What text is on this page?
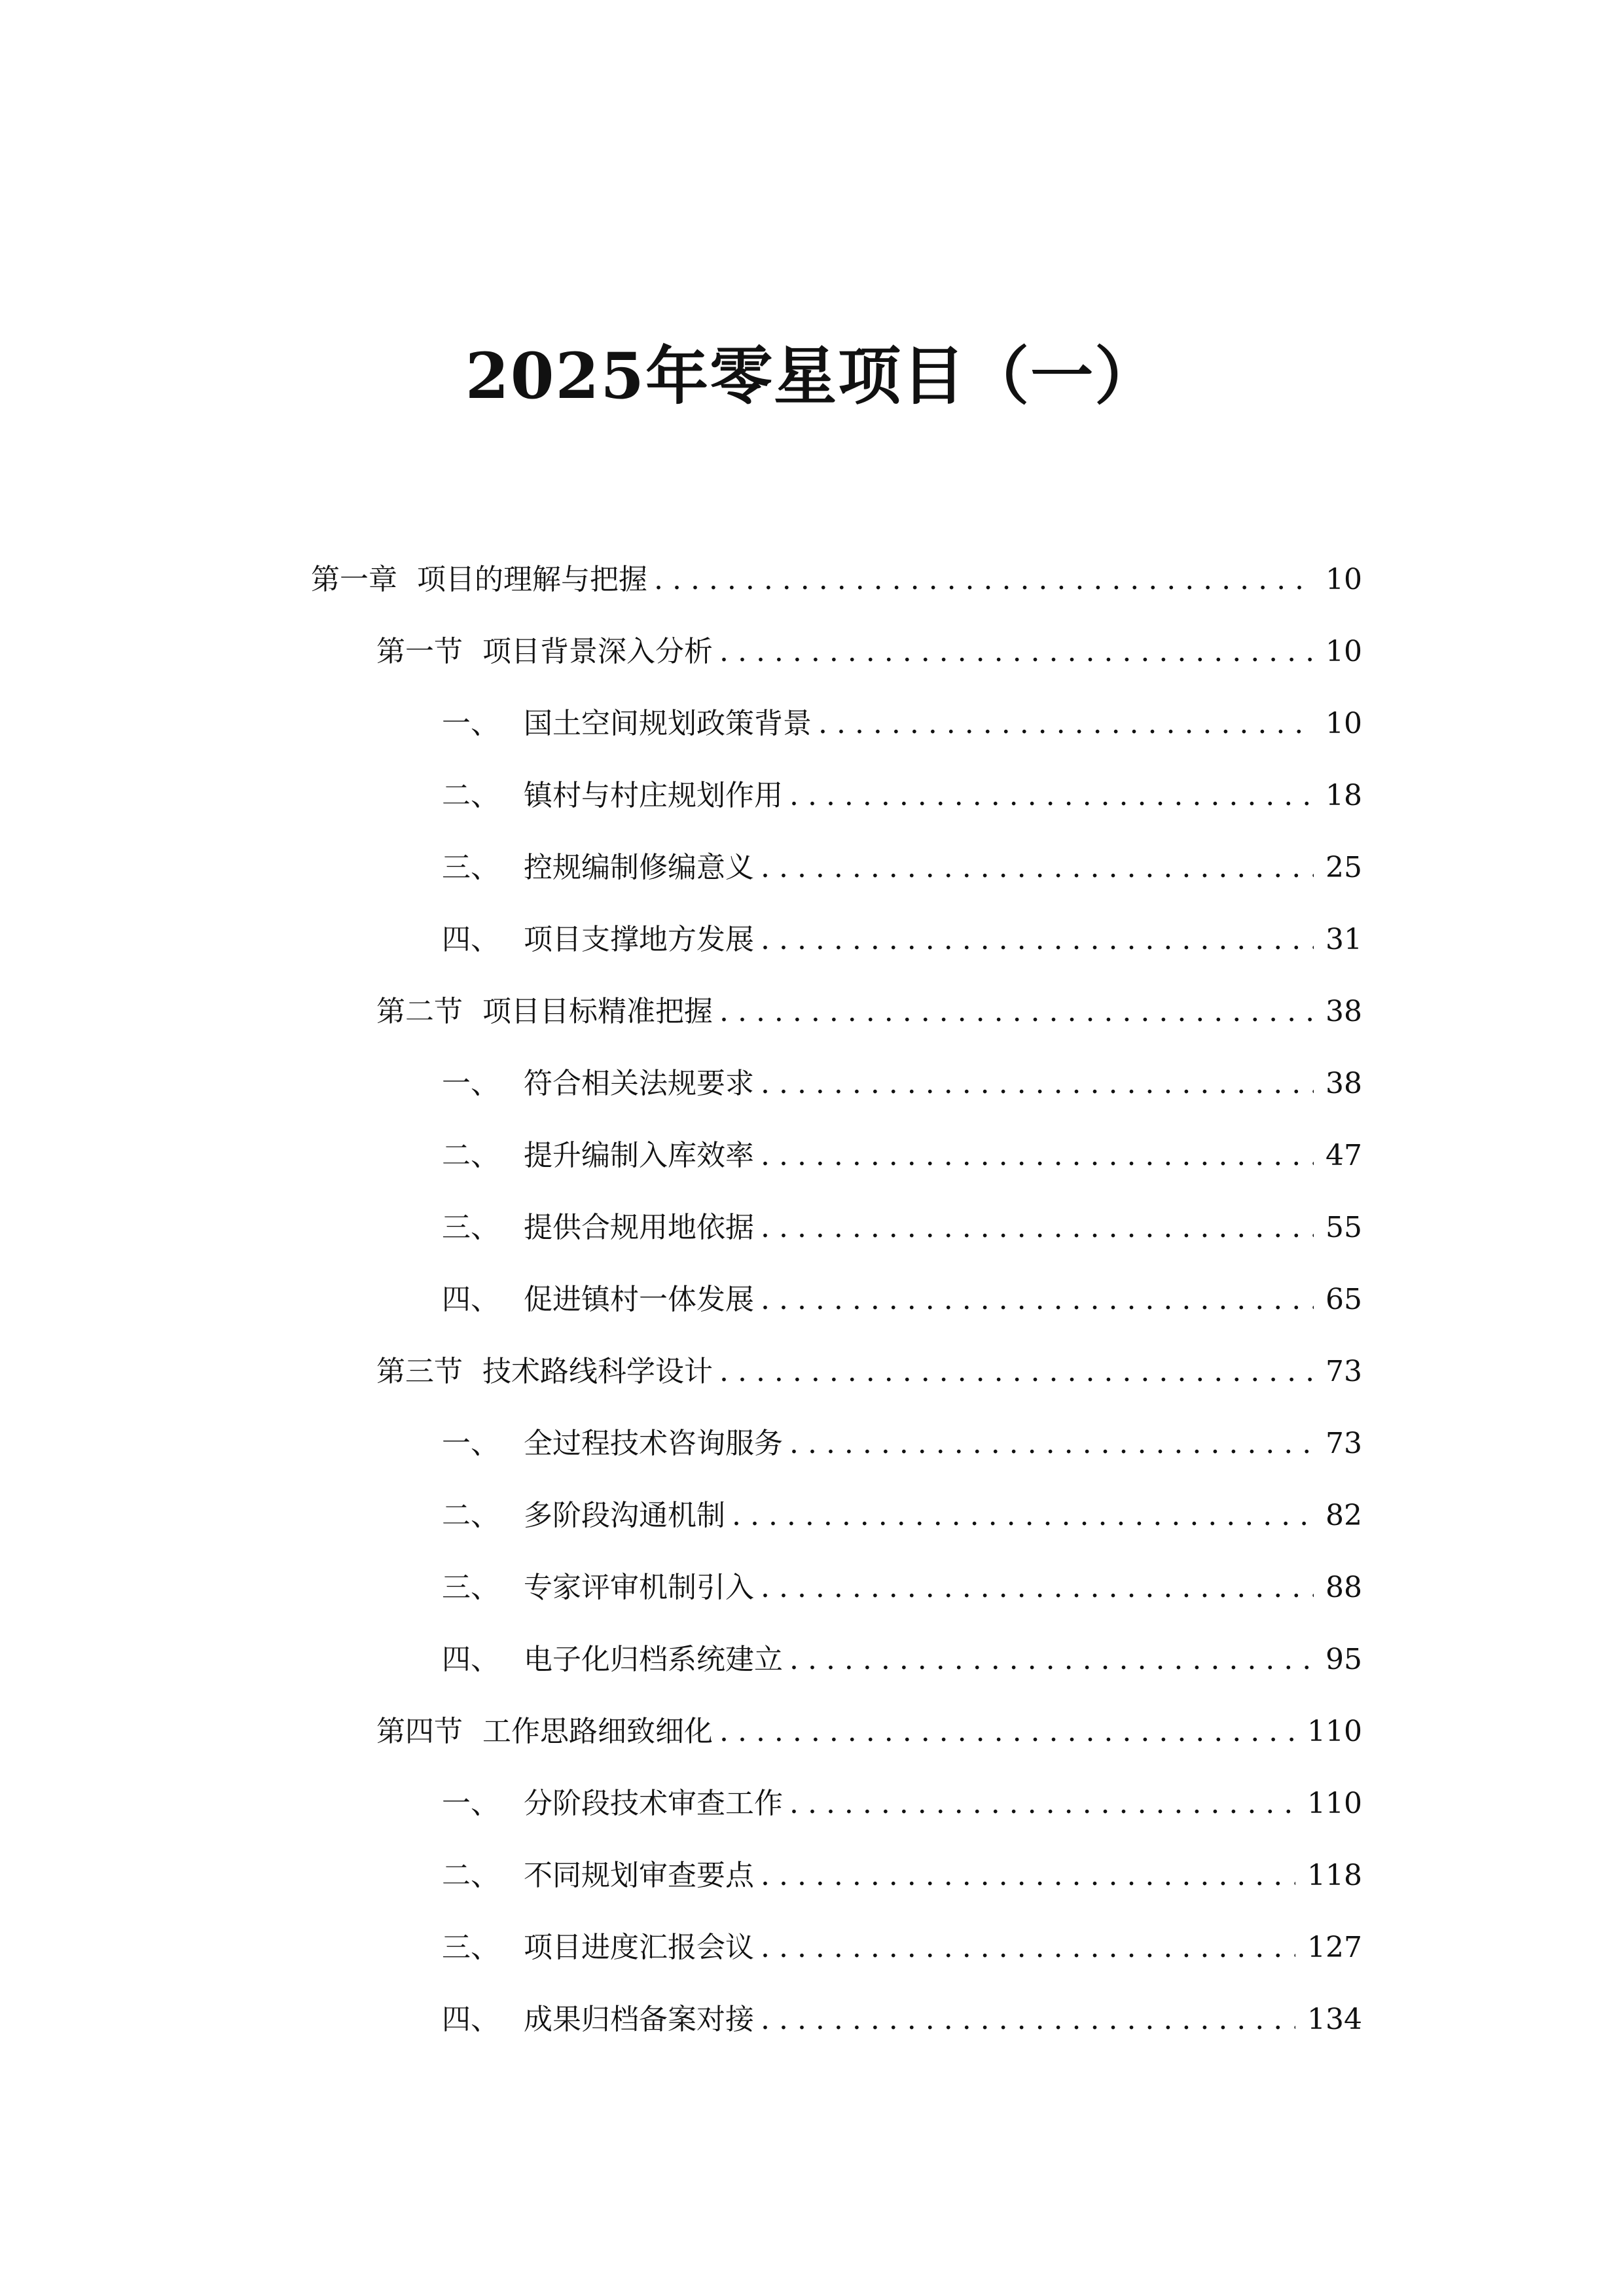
2025年零星项目（一）
第一章 项目的理解与把握 . . .	10
第一节 项目背景深入分析 . . .	10
一、 国土空间规划政策背景 . . .	10
二、 镇村与村庄规划作用 . . .	18
三、 控规编制修编意义 . . .	25
四、 项目支撑地方发展 . . .	31
第二节 项目目标精准把握 . . .	38
一、 符合相关法规要求 . . .	38
二、 提升编制入库效率 . . .	47
三、 提供合规用地依据 . . .	55
四、 促进镇村一体发展 . . .	65
第三节 技术路线科学设计 . . .	73
一、 全过程技术咨询服务 . . .	73
二、 多阶段沟通机制 . . .	82
三、 专家评审机制引入 . . .	88
四、 电子化归档系统建立 . . .	95
第四节 工作思路细致细化 . . .	110
一、 分阶段技术审查工作 . . .	110
二、 不同规划审查要点 . . .	118
三、 项目进度汇报会议 . . .	127
四、 成果归档备案对接 . . .	134
